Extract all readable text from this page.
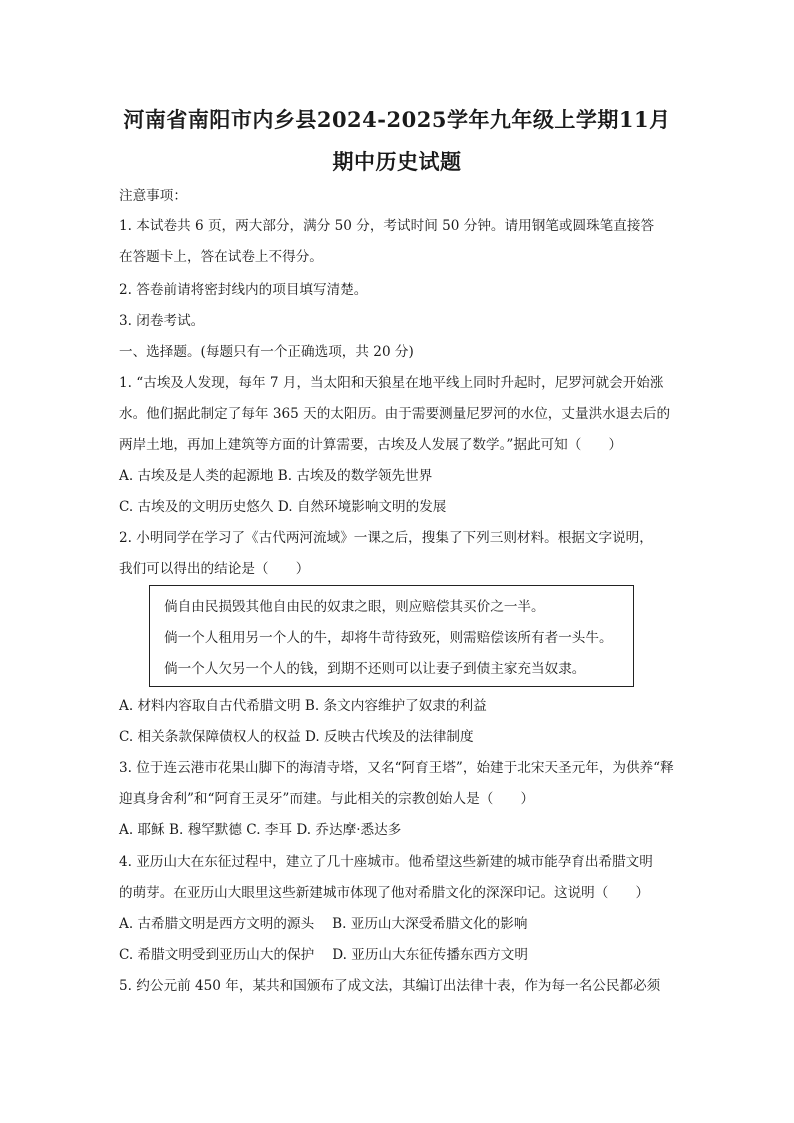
河南省南阳市内乡县2024-2025学年九年级上学期11月
期中历史试题
注意事项：
1. 本试卷共 6 页，两大部分，满分 50 分，考试时间 50 分钟。请用钢笔或圆珠笔直接答
在答题卡上，答在试卷上不得分。
2. 答卷前请将密封线内的项目填写清楚。
3. 闭卷考试。
一、选择题。(每题只有一个正确选项，共 20 分)
1. “古埃及人发现，每年 7 月，当太阳和天狼星在地平线上同时升起时，尼罗河就会开始涨
水。他们据此制定了每年 365 天的太阳历。由于需要测量尼罗河的水位，丈量洪水退去后的
两岸土地，再加上建筑等方面的计算需要，古埃及人发展了数学。”据此可知（　　）
A. 古埃及是人类的起源地 B. 古埃及的数学领先世界
C. 古埃及的文明历史悠久 D. 自然环境影响文明的发展
2. 小明同学在学习了《古代两河流域》一课之后，搜集了下列三则材料。根据文字说明，
我们可以得出的结论是（　　）
倘自由民损毁其他自由民的奴隶之眼，则应赔偿其买价之一半。
倘一个人租用另一个人的牛，却将牛苛待致死，则需赔偿该所有者一头牛。
倘一个人欠另一个人的钱，到期不还则可以让妻子到债主家充当奴隶。
A. 材料内容取自古代希腊文明 B. 条文内容维护了奴隶的利益
C. 相关条款保障债权人的权益 D. 反映古代埃及的法律制度
3. 位于连云港市花果山脚下的海清寺塔，又名“阿育王塔”，始建于北宋天圣元年，为供养“释
迎真身舍利”和“阿育王灵牙”而建。与此相关的宗教创始人是（　　）
A. 耶稣 B. 穆罕默德 C. 李耳 D. 乔达摩·悉达多
4. 亚历山大在东征过程中，建立了几十座城市。他希望这些新建的城市能孕育出希腊文明
的萌芽。在亚历山大眼里这些新建城市体现了他对希腊文化的深深印记。这说明（　　）
A. 古希腊文明是西方文明的源头　 B. 亚历山大深受希腊文化的影响
C. 希腊文明受到亚历山大的保护　 D. 亚历山大东征传播东西方文明
5. 约公元前 450 年，某共和国颁布了成文法，其编订出法律十表，作为每一名公民都必须
